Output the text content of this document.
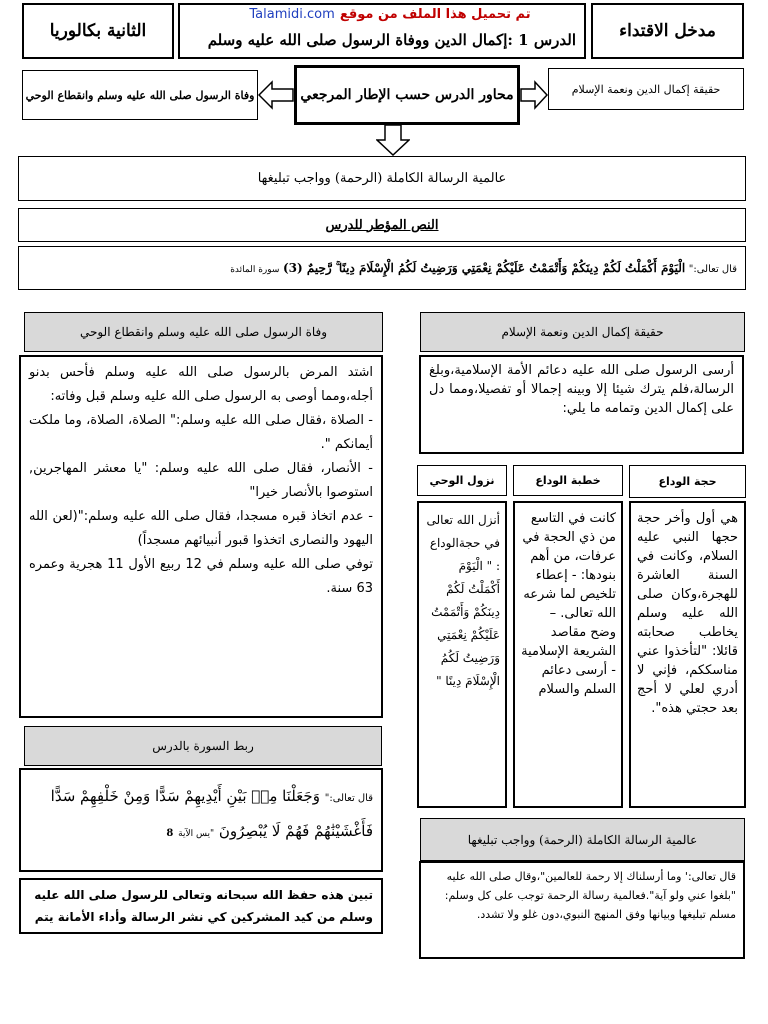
الثانية بكالوريا
Talamidi.com تم تحميل هذا الملف من موقع
الدرس 1 :إكمال الدين ووفاة الرسول صلى الله عليه وسلم	مدخل الاقتداء
وفاة الرسول صلى الله عليه وسلم وانقطاع الوحي	محاور الدرس حسب الإطار المرجعي	حقيقة إكمال الدين ونعمة الإسلام
عالمية الرسالة الكاملة (الرحمة) وواجب تبليغها
النص المؤطر للدرس
قال تعالى:" الْيَوْمَ أَكْمَلْتُ لَكُمْ دِينَكُمْ وَأَتْمَمْتُ عَلَيْكُمْ نِعْمَتِي وَرَضِيتُ لَكُمُ الْإِسْلَامَ دِينًا ۚ رَّحِيمٌ (3) سورة المائدة
حقيقة إكمال الدين ونعمة الإسلام

أرسى الرسول صلى الله عليه دعائم الأمة الإسلامية،وبلغ الرسالة،فلم يترك شيئا إلا وبينه إجمالا أو تفصيلا،ومما دل على إكمال الدين وتمامه ما يلي:

حجة الوداع

هي أول وأخر حجة حجها النبي عليه السلام، وكانت في السنة العاشرة للهجرة،وكان صلى الله عليه وسلم يخاطب صحابته قائلا: "لتأخذوا عني مناسككم، فإني لا أدري لعلي لا أحج بعد حجتي هذه".

خطبة الوداع

كانت في التاسع من ذي الحجة في عرفات، من أهم بنودها: - إعطاء تلخيص لما شرعه الله تعالى. – وضح مقاصد الشريعة الإسلامية - أرسى دعائم السلم والسلام

نزول الوحي

أنزل الله تعالى في حجةالوداع : " الْيَوْمَ أَكْمَلْتُ لَكُمْ دِينَكُمْ وَأَتْمَمْتُ عَلَيْكُمْ نِعْمَتِي وَرَضِيتُ لَكُمُ الْإِسْلَامَ دِينًا "

عالمية الرسالة الكاملة (الرحمة) وواجب تبليغها

قال تعالى:' وما أرسلناك إلا رحمة للعالمين"،وقال صلى الله عليه "بلغوا عني ولو آية".فعالمية رسالة الرحمة توجب على كل وسلم: مسلم تبليغها وبيانها وفق المنهج النبوي،دون غلو ولا تشدد.

وفاة الرسول صلى الله عليه وسلم وانقطاع الوحي

اشتد المرض بالرسول صلى الله عليه وسلم فأحس بدنو أجله،ومما أوصى به الرسول صلى الله عليه وسلم قبل وفاته:

- الصلاة ،فقال صلى الله عليه وسلم:" الصلاة، الصلاة، وما ملكت أيمانكم ".

- الأنصار، فقال صلى الله عليه وسلم: "يا معشر المهاجرين, استوصوا بالأنصار خيرا"

- عدم اتخاذ قبره مسجدا، فقال صلى الله عليه وسلم:"(لعن الله اليهود والنصارى اتخذوا قبور أنبيائهم مسجداً)

توفي صلى الله عليه وسلم في 12 ربيع الأول 11 هجرية وعمره 63 سنة.

ربط السورة بالدرس
قال تعالى:" وَجَعَلْنَا مِنۢ بَيْنِ أَيْدِيهِمْ سَدًّا وَمِنْ خَلْفِهِمْ سَدًّا فَأَغْشَيْنَٰهُمْ فَهُمْ لَا يُبْصِرُونَ "يس الآية 8

تبين هذه حفظ الله سبحانه وتعالى للرسول صلى الله عليه وسلم من كيد المشركين كي نشر الرسالة وأداء الأمانة يتم
